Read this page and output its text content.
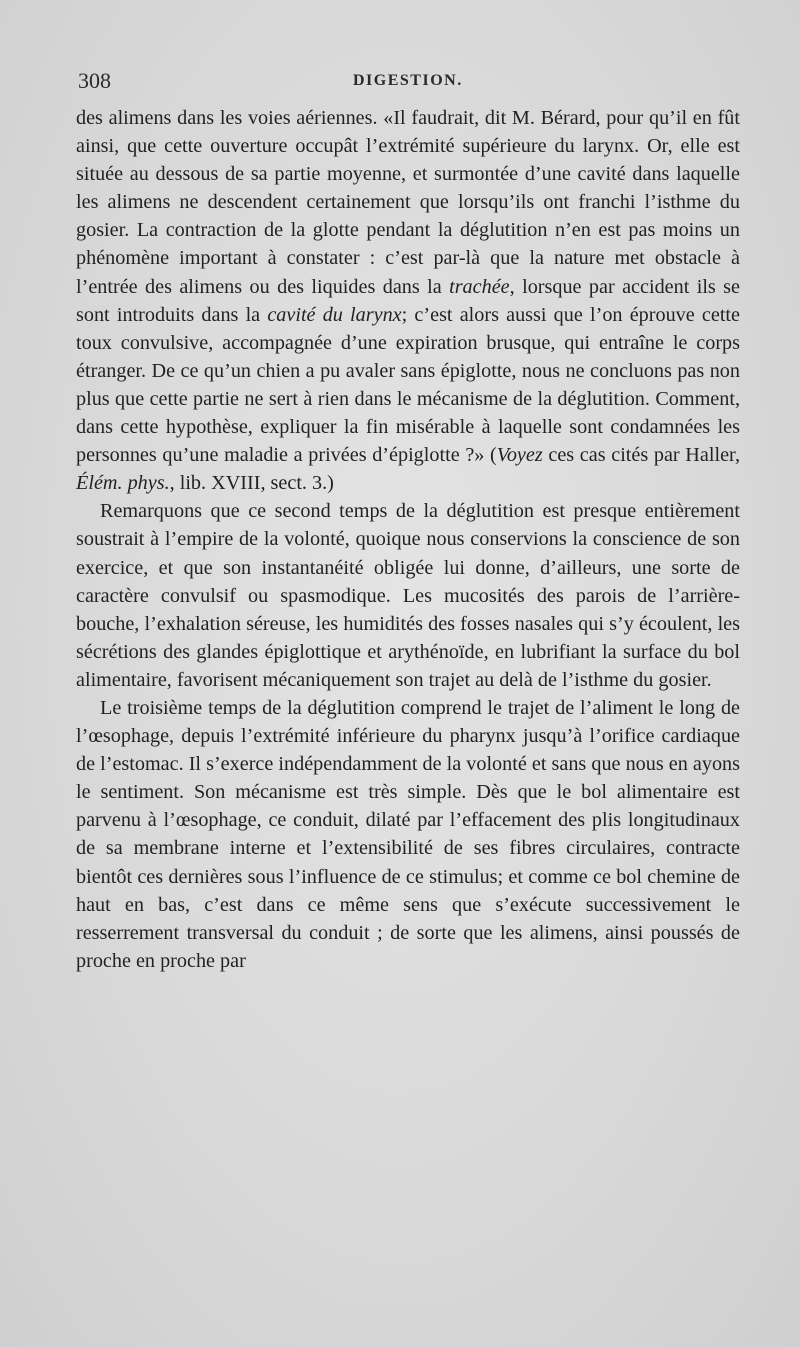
308	DIGESTION.

des alimens dans les voies aériennes. «Il faudrait, dit M. Bérard, pour qu’il en fût ainsi, que cette ouverture occupât l’extrémité supérieure du larynx. Or, elle est située au dessous de sa partie moyenne, et surmontée d’une cavité dans laquelle les alimens ne descendent certainement que lorsqu’ils ont franchi l’isthme du gosier. La contraction de la glotte pendant la déglutition n’en est pas moins un phénomène important à constater : c’est par-là que la nature met obstacle à l’entrée des alimens ou des liquides dans la trachée, lorsque par accident ils se sont introduits dans la cavité du larynx; c’est alors aussi que l’on éprouve cette toux convulsive, accompagnée d’une expiration brusque, qui entraîne le corps étranger. De ce qu’un chien a pu avaler sans épiglotte, nous ne concluons pas non plus que cette partie ne sert à rien dans le mécanisme de la déglutition. Comment, dans cette hypothèse, expliquer la fin misérable à laquelle sont condamnées les personnes qu’une maladie a privées d’épiglotte ?» (Voyez ces cas cités par Haller, Élém. phys., lib. XVIII, sect. 3.)

Remarquons que ce second temps de la déglutition est presque entièrement soustrait à l’empire de la volonté, quoique nous conservions la conscience de son exercice, et que son instantanéité obligée lui donne, d’ailleurs, une sorte de caractère convulsif ou spasmodique. Les mucosités des parois de l’arrière-bouche, l’exhalation séreuse, les humidités des fosses nasales qui s’y écoulent, les sécrétions des glandes épiglottique et arythénoïde, en lubrifiant la surface du bol alimentaire, favorisent mécaniquement son trajet au delà de l’isthme du gosier.

Le troisième temps de la déglutition comprend le trajet de l’aliment le long de l’œsophage, depuis l’extrémité inférieure du pharynx jusqu’à l’orifice cardiaque de l’estomac. Il s’exerce indépendamment de la volonté et sans que nous en ayons le sentiment. Son mécanisme est très simple. Dès que le bol alimentaire est parvenu à l’œsophage, ce conduit, dilaté par l’effacement des plis longitudinaux de sa membrane interne et l’extensibilité de ses fibres circulaires, contracte bientôt ces dernières sous l’influence de ce stimulus; et comme ce bol chemine de haut en bas, c’est dans ce même sens que s’exécute successivement le resserrement transversal du conduit ; de sorte que les alimens, ainsi poussés de proche en proche par
